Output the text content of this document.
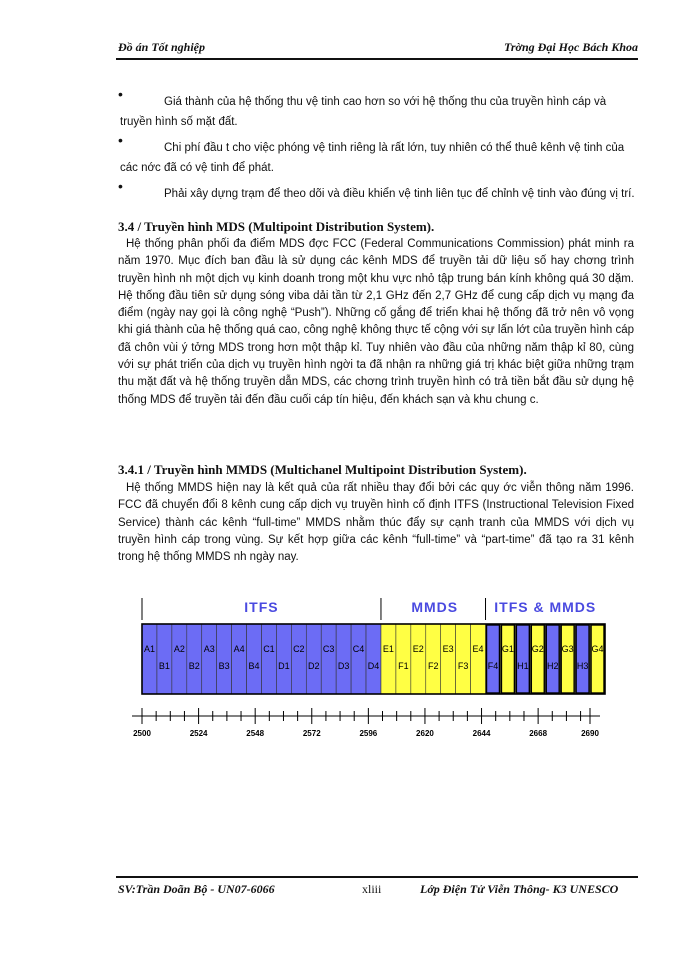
Đồ án Tốt nghiệp	Trờng Đại Học Bách Khoa
•	Giá thành của hệ thống thu vệ tinh cao hơn so với hệ thống thu của truyền hình cáp và truyền hình số mặt đất.

•	Chi phí đầu t cho việc phóng vệ tinh riêng là rất lớn, tuy nhiên có thể thuê kênh vệ tinh của các nớc đã có vệ tinh để phát.

•	Phải xây dựng trạm để theo dõi và điều khiển vệ tinh liên tục để chỉnh vệ tinh vào đúng vị trí.

3.4 / Truyền hình MDS (Multipoint Distribution System).

Hệ thống phân phối đa điểm MDS đợc FCC (Federal Communications Commission) phát minh ra năm 1970. Mục đích ban đầu là sử dụng các kênh MDS để truyền tải dữ liệu số hay chơng trình truyền hình nh một dịch vụ kinh doanh trong một khu vực nhỏ tập trung bán kính không quá 30 dặm. Hệ thống đầu tiên sử dụng sóng viba dải tần từ 2,1 GHz đến 2,7 GHz để cung cấp dịch vụ mạng đa điểm (ngày nay gọi là công nghệ “Push”). Những cố gắng để triển khai hệ thống đã trở nên vô vọng khi giá thành của hệ thống quá cao, công nghệ không thực tế cộng với sự lấn lớt của truyền hình cáp đã chôn vùi ý tởng MDS trong hơn một thập kỉ. Tuy nhiên vào đầu của những năm thập kỉ 80, cùng với sự phát triển của dịch vụ truyền hình ngời ta đã nhận ra những giá trị khác biệt giữa những trạm thu mặt đất và hệ thống truyền dẫn MDS, các chơng trình truyền hình có trả tiền bắt đầu sử dụng hệ thống MDS để truyền tải đến đầu cuối cáp tín hiệu, đến khách sạn và khu chung c.

3.4.1 / Truyền hình MMDS (Multichanel Multipoint Distribution System).

Hệ thống MMDS hiện nay là kết quả của rất nhiều thay đổi bởi các quy ớc viễn thông năm 1996. FCC đã chuyển đổi 8 kênh cung cấp dịch vụ truyền hình cố định ITFS (Instructional Television Fixed Service) thành các kênh “full-time” MMDS nhằm thúc đẩy sự cạnh tranh của MMDS với dịch vụ truyền hình cáp trong vùng. Sự kết hợp giữa các kênh “full-time” và “part-time” đã tạo ra 31 kênh trong hệ thống MMDS nh ngày nay.

ITFS	MMDS	ITFS & MMDS
A1 A2 A3 A4 C1 C2 C3 C4 E1 E2 E3 E4 G1 G2 G3 G4
B1 B2 B3 B4 D1 D2 D3 D4 F1 F2 F3 F4 H1 H2 H3
2500	2524	2548	2572	2596	2620	2644	2668	2690
SV:Trần Doãn Bộ - UN07-6066	xliii	Lớp Điện Tử Viễn Thông- K3 UNESCO
